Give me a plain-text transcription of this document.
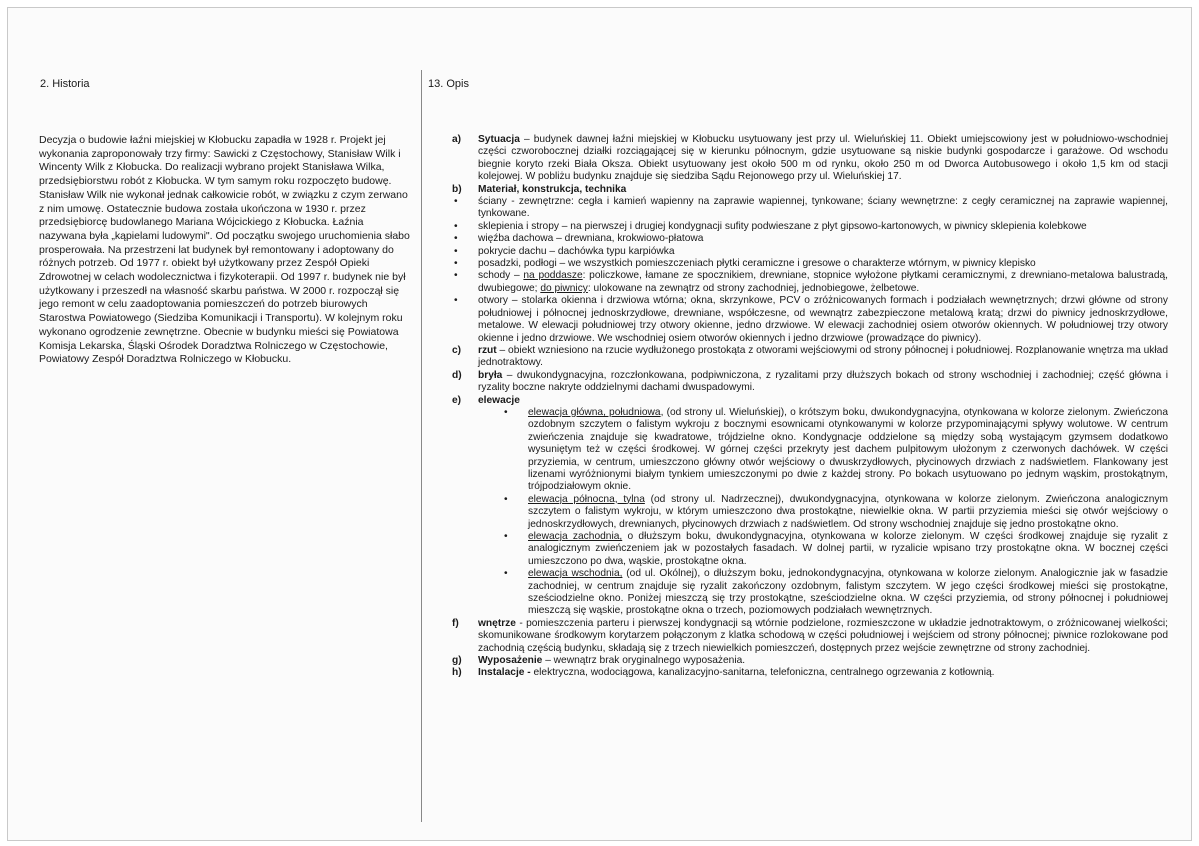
2. Historia	13. Opis

Decyzja o budowie łaźni miejskiej w Kłobucku zapadła w 1928 r. Projekt jej wykonania zaproponowały trzy firmy: Sawicki z Częstochowy, Stanisław Wilk i Wincenty Wilk z Kłobucka. Do realizacji wybrano projekt Stanisława Wilka, przedsiębiorstwu robót z Kłobucka. W tym samym roku rozpoczęto budowę. Stanisław Wilk nie wykonał jednak całkowicie robót, w związku z czym zerwano z nim umowę. Ostatecznie budowa została ukończona w 1930 r. przez przedsiębiorcę budowlanego Mariana Wójcickiego z Kłobucka. Łaźnia nazywana była „kąpielami ludowymi". Od początku swojego uruchomienia słabo prosperowała. Na przestrzeni lat budynek był remontowany i adoptowany do różnych potrzeb. Od 1977 r. obiekt był użytkowany przez Zespół Opieki Zdrowotnej w celach wodolecznictwa i fizykoterapii. Od 1997 r. budynek nie był użytkowany i przeszedł na własność skarbu państwa. W 2000 r. rozpoczął się jego remont w celu zaadoptowania pomieszczeń do potrzeb biurowych Starostwa Powiatowego (Siedziba Komunikacji i Transportu). W kolejnym roku wykonano ogrodzenie zewnętrzne. Obecnie w budynku mieści się Powiatowa Komisja Lekarska, Śląski Ośrodek Doradztwa Rolniczego w Częstochowie, Powiatowy Zespół Doradztwa Rolniczego w Kłobucku.

a) Sytuacja – budynek dawnej łaźni miejskiej w Kłobucku usytuowany jest przy ul. Wieluńskiej 11. Obiekt umiejscowiony jest w południowo-wschodniej części czworobocznej działki rozciągającej się w kierunku północnym, gdzie usytuowane są niskie budynki gospodarcze i garażowe. Od wschodu biegnie koryto rzeki Biała Oksza. Obiekt usytuowany jest około 500 m od rynku, około 250 m od Dworca Autobusowego i około 1,5 km od stacji kolejowej. W pobliżu budynku znajduje się siedziba Sądu Rejonowego przy ul. Wieluńskiej 17.
b) Materiał, konstrukcja, technika
• ściany - zewnętrzne: cegła i kamień wapienny na zaprawie wapiennej, tynkowane; ściany wewnętrzne: z cegły ceramicznej na zaprawie wapiennej, tynkowane.
• sklepienia i stropy – na pierwszej i drugiej kondygnacji sufity podwieszane z płyt gipsowo-kartonowych, w piwnicy sklepienia kolebkowe
• więźba dachowa – drewniana, krokwiowo-płatowa
• pokrycie dachu – dachówka typu karpiówka
• posadzki, podłogi – we wszystkich pomieszczeniach płytki ceramiczne i gresowe o charakterze wtórnym, w piwnicy klepisko
• schody – na poddasze: policzkowe, łamane ze spocznikiem, drewniane, stopnice wyłożone płytkami ceramicznymi, z drewniano-metalowa balustradą, dwubiegowe; do piwnicy: ulokowane na zewnątrz od strony zachodniej, jednobiegowe, żelbetowe.
• otwory – stolarka okienna i drzwiowa wtórna; okna, skrzynkowe, PCV o zróżnicowanych formach i podziałach wewnętrznych; drzwi główne od strony południowej i północnej jednoskrzydłowe, drewniane, współczesne, od wewnątrz zabezpieczone metalową kratą; drzwi do piwnicy jednoskrzydłowe, metalowe. W elewacji południowej trzy otwory okienne, jedno drzwiowe. W elewacji zachodniej osiem otworów okiennych. W południowej trzy otwory okienne i jedno drzwiowe. We wschodniej osiem otworów okiennych i jedno drzwiowe (prowadzące do piwnicy).
c) rzut – obiekt wzniesiono na rzucie wydłużonego prostokąta z otworami wejściowymi od strony północnej i południowej. Rozplanowanie wnętrza ma układ jednotraktowy.
d) bryła – dwukondygnacyjna, rozczłonkowana, podpiwniczona, z ryzalitami przy dłuższych bokach od strony wschodniej i zachodniej; część główna i ryzality boczne nakryte oddzielnymi dachami dwuspadowymi.
e) elewacje
• elewacja główna, południowa, (od strony ul. Wieluńskiej), o krótszym boku, dwukondygnacyjna, otynkowana w kolorze zielonym. Zwieńczona ozdobnym szczytem o falistym wykroju z bocznymi esownicami otynkowanymi w kolorze przypominającymi spływy wolutowe. W centrum zwieńczenia znajduje się kwadratowe, trójdzielne okno. Kondygnacje oddzielone są między sobą wystającym gzymsem dodatkowo wysuniętym też w części środkowej. W górnej części przekryty jest dachem pulpitowym ułożonym z czerwonych dachówek. W części przyziemia, w centrum, umieszczono główny otwór wejściowy o dwuskrzydłowych, płycinowych drzwiach z nadświetlem. Flankowany jest lizenami wyróżnionymi białym tynkiem umieszczonymi po dwie z każdej strony. Po bokach usytuowano po jednym wąskim, prostokątnym, trójpodziałowym oknie.
• elewacja północna, tylna (od strony ul. Nadrzecznej), dwukondygnacyjna, otynkowana w kolorze zielonym. Zwieńczona analogicznym szczytem o falistym wykroju, w którym umieszczono dwa prostokątne, niewielkie okna. W partii przyziemia mieści się otwór wejściowy o jednoskrzydłowych, drewnianych, płycinowych drzwiach z nadświetlem. Od strony wschodniej znajduje się jedno prostokątne okno.
• elewacja zachodnia, o dłuższym boku, dwukondygnacyjna, otynkowana w kolorze zielonym. W części środkowej znajduje się ryzalit z analogicznym zwieńczeniem jak w pozostałych fasadach. W dolnej partii, w ryzalicie wpisano trzy prostokątne okna. W bocznej części umieszczono po dwa, wąskie, prostokątne okna.
• elewacja wschodnia, (od ul. Okólnej), o dłuższym boku, jednokondygnacyjna, otynkowana w kolorze zielonym. Analogicznie jak w fasadzie zachodniej, w centrum znajduje się ryzalit zakończony ozdobnym, falistym szczytem. W jego części środkowej mieści się prostokątne, sześciodzielne okno. Poniżej mieszczą się trzy prostokątne, sześciodzielne okna. W części przyziemia, od strony północnej i południowej mieszczą się wąskie, prostokątne okna o trzech, poziomowych podziałach wewnętrznych.
f) wnętrze - pomieszczenia parteru i pierwszej kondygnacji są wtórnie podzielone, rozmieszczone w układzie jednotraktowym, o zróżnicowanej wielkości; skomunikowane środkowym korytarzem połączonym z klatka schodową w części południowej i wejściem od strony północnej; piwnice rozlokowane pod zachodnią częścią budynku, składają się z trzech niewielkich pomieszczeń, dostępnych przez wejście zewnętrzne od strony zachodniej.
g) Wyposażenie – wewnątrz brak oryginalnego wyposażenia.
h) Instalacje - elektryczna, wodociągowa, kanalizacyjno-sanitarna, telefoniczna, centralnego ogrzewania z kotłownią.
